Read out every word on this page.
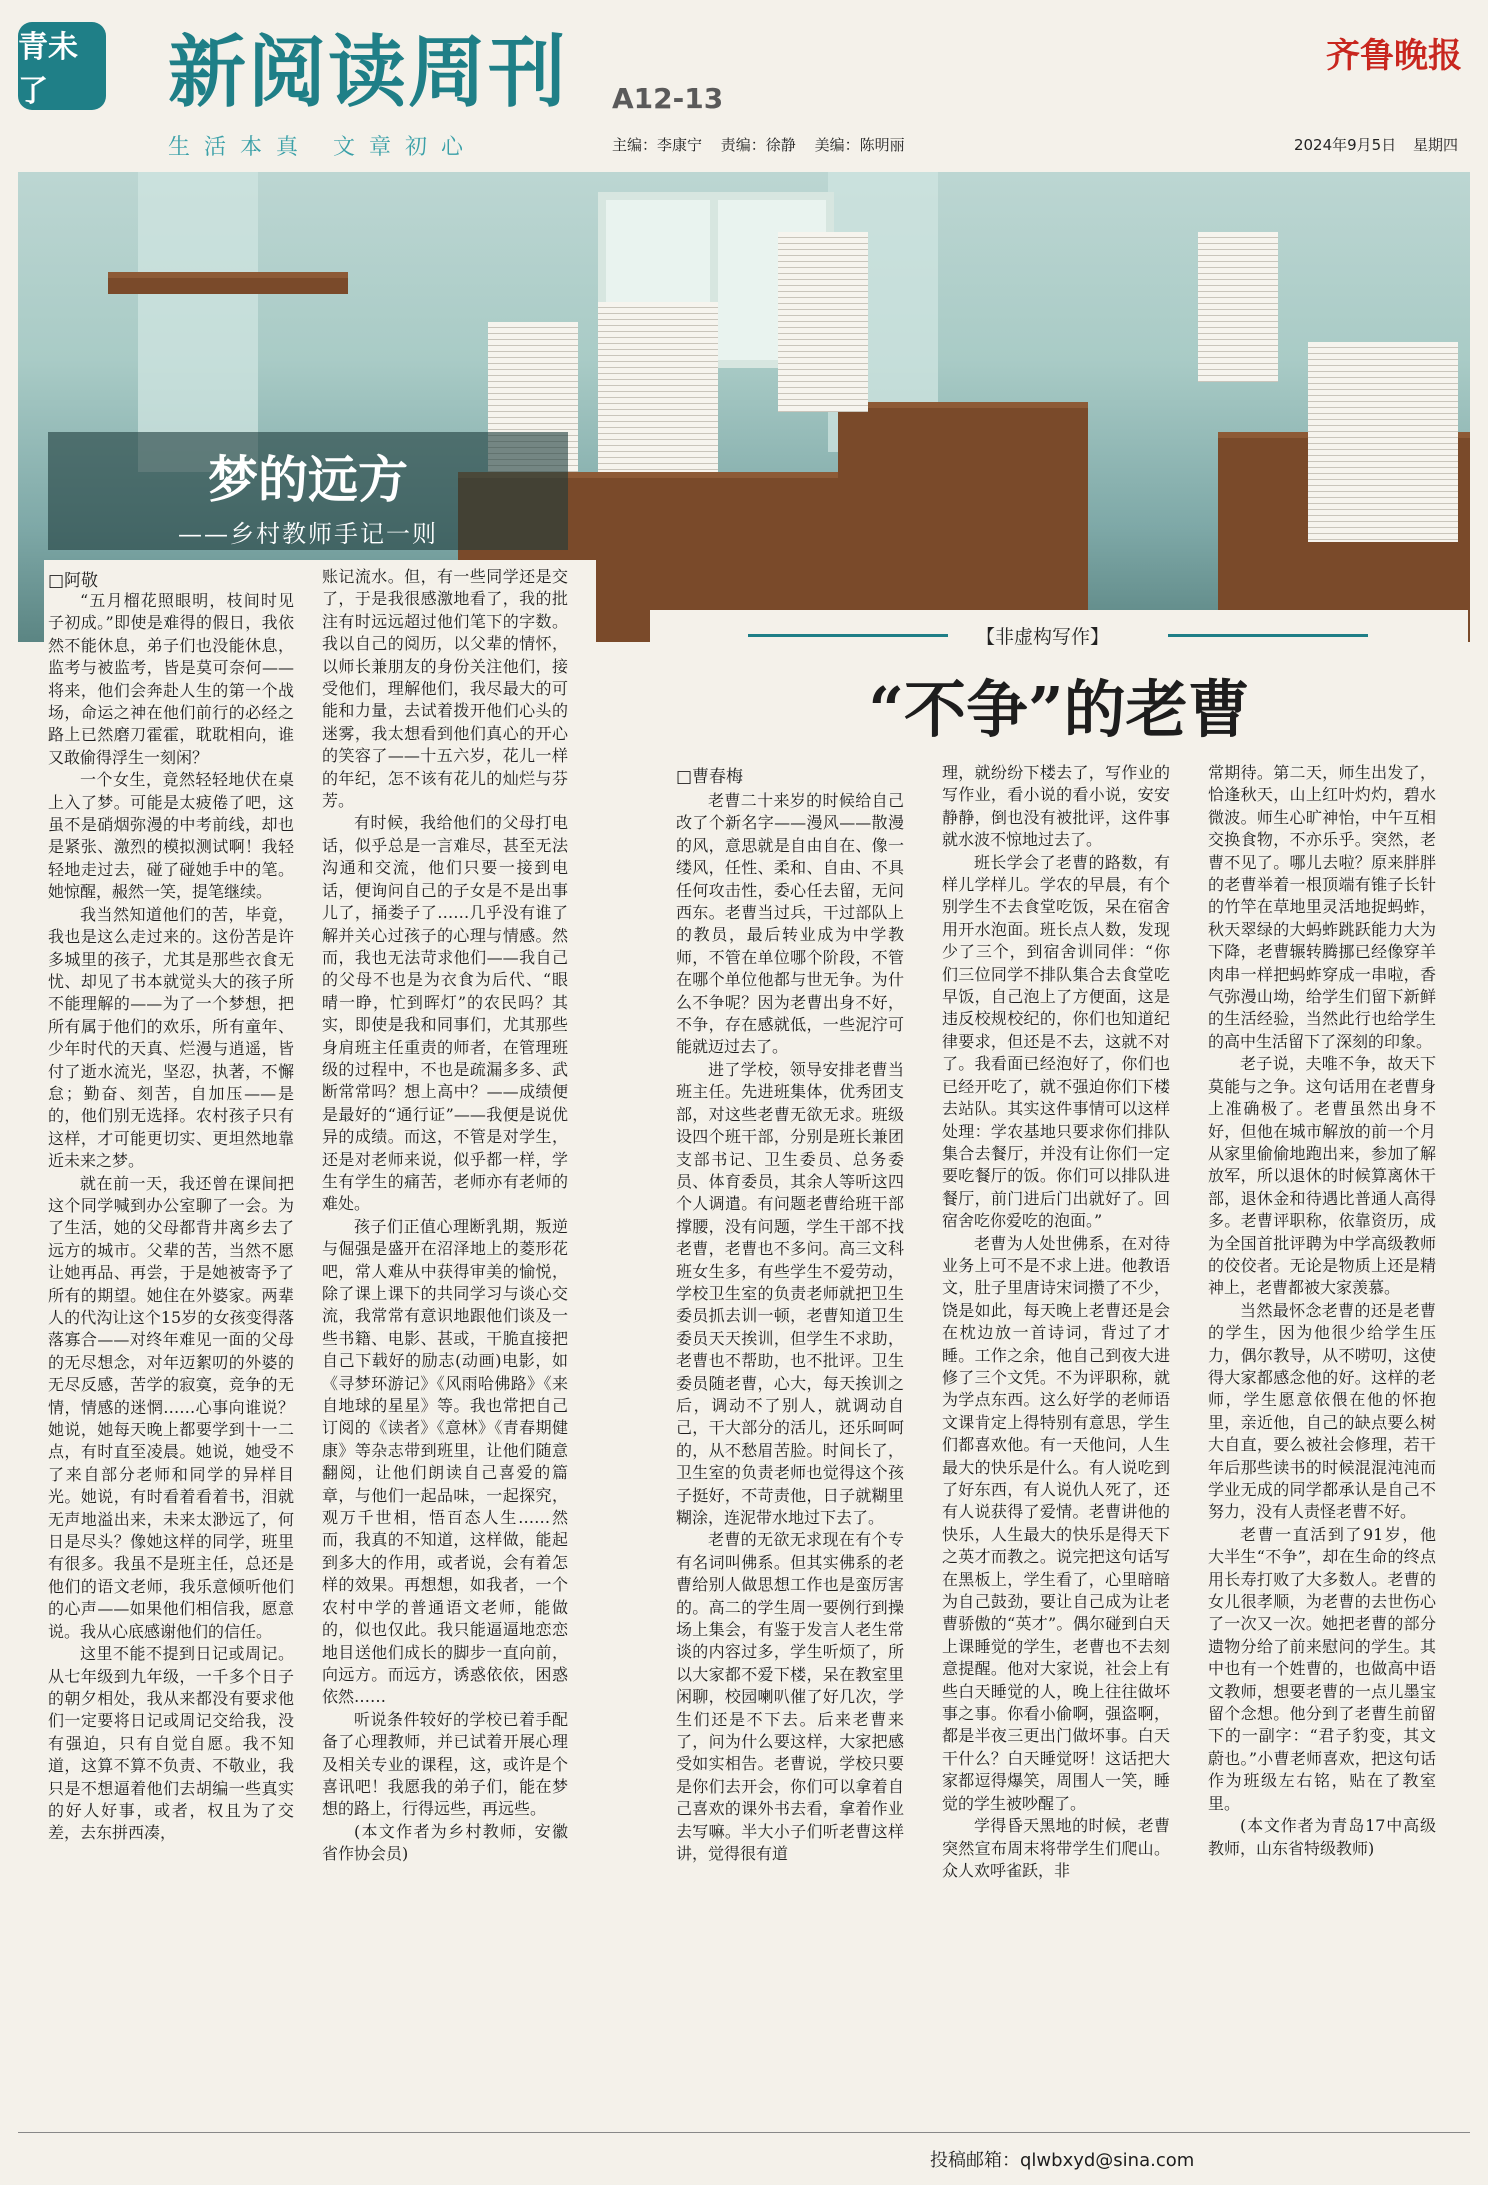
青未了	新阅读周刊 A12-13
齐鲁晚报
生活本真 文章初心	主编：李康宁 责编：徐静 美编：陈明丽	2024年9月5日 星期四
梦的远方
——乡村教师手记一则
□阿敬

“五月榴花照眼明，枝间时见子初成。”即使是难得的假日，我依然不能休息，弟子们也没能休息，监考与被监考，皆是莫可奈何——将来，他们会奔赴人生的第一个战场，命运之神在他们前行的必经之路上已然磨刀霍霍，耽耽相向，谁又敢偷得浮生一刻闲？

一个女生，竟然轻轻地伏在桌上入了梦。可能是太疲倦了吧，这虽不是硝烟弥漫的中考前线，却也是紧张、激烈的模拟测试啊！我轻轻地走过去，碰了碰她手中的笔。她惊醒，赧然一笑，提笔继续。

我当然知道他们的苦，毕竟，我也是这么走过来的。这份苦是许多城里的孩子，尤其是那些衣食无忧、却见了书本就觉头大的孩子所不能理解的——为了一个梦想，把所有属于他们的欢乐，所有童年、少年时代的天真、烂漫与逍遥，皆付了逝水流光，坚忍，执著，不懈怠；勤奋、刻苦，自加压——是的，他们别无选择。农村孩子只有这样，才可能更切实、更坦然地靠近未来之梦。

就在前一天，我还曾在课间把这个同学喊到办公室聊了一会。为了生活，她的父母都背井离乡去了远方的城市。父辈的苦，当然不愿让她再品、再尝，于是她被寄予了所有的期望。她住在外婆家。两辈人的代沟让这个15岁的女孩变得落落寡合——对终年难见一面的父母的无尽想念，对年迈絮叨的外婆的无尽反感，苦学的寂寞，竞争的无情，情感的迷惘……心事向谁说？她说，她每天晚上都要学到十一二点，有时直至凌晨。她说，她受不了来自部分老师和同学的异样目光。她说，有时看着看着书，泪就无声地溢出来，未来太渺远了，何日是尽头？像她这样的同学，班里有很多。我虽不是班主任，总还是他们的语文老师，我乐意倾听他们的心声——如果他们相信我，愿意说。我从心底感谢他们的信任。

这里不能不提到日记或周记。从七年级到九年级，一千多个日子的朝夕相处，我从来都没有要求他们一定要将日记或周记交给我，没有强迫，只有自觉自愿。我不知道，这算不算不负责、不敬业，我只是不想逼着他们去胡编一些真实的好人好事，或者，权且为了交差，去东拼西凑，

账记流水。但，有一些同学还是交了，于是我很感激地看了，我的批注有时远远超过他们笔下的字数。我以自己的阅历，以父辈的情怀，以师长兼朋友的身份关注他们，接受他们，理解他们，我尽最大的可能和力量，去试着拨开他们心头的迷雾，我太想看到他们真心的开心的笑容了——十五六岁，花儿一样的年纪，怎不该有花儿的灿烂与芬芳。

有时候，我给他们的父母打电话，似乎总是一言难尽，甚至无法沟通和交流，他们只要一接到电话，便询问自己的子女是不是出事儿了，捅娄子了……几乎没有谁了解并关心过孩子的心理与情感。然而，我也无法苛求他们——我自己的父母不也是为衣食为后代、“眼晴一睁，忙到晖灯”的农民吗？其实，即使是我和同事们，尤其那些身肩班主任重责的师者，在管理班级的过程中，不也是疏漏多多、武断常常吗？想上高中？——成绩便是最好的“通行证”——我便是说优异的成绩。而这，不管是对学生，还是对老师来说，似乎都一样，学生有学生的痛苦，老师亦有老师的难处。

孩子们正值心理断乳期，叛逆与倔强是盛开在沼泽地上的菱形花吧，常人难从中获得审美的愉悦，除了课上课下的共同学习与谈心交流，我常常有意识地跟他们谈及一些书籍、电影、甚或，干脆直接把自己下载好的励志(动画)电影，如《寻梦环游记》《风雨哈佛路》《来自地球的星星》等。我也常把自己订阅的《读者》《意林》《青春期健康》等杂志带到班里，让他们随意翻阅，让他们朗读自己喜爱的篇章，与他们一起品味，一起探究，观万千世相，悟百态人生……然而，我真的不知道，这样做，能起到多大的作用，或者说，会有着怎样的效果。再想想，如我者，一个农村中学的普通语文老师，能做的，似也仅此。我只能逼逼地恋恋地目送他们成长的脚步一直向前，向远方。而远方，诱惑依依，困惑依然……

听说条件较好的学校已着手配备了心理教师，并已试着开展心理及相关专业的课程，这，或许是个喜讯吧！我愿我的弟子们，能在梦想的路上，行得远些，再远些。

(本文作者为乡村教师，安徽省作协会员)

【非虚构写作】
“不争”的老曹
□曹春梅

老曹二十来岁的时候给自己改了个新名字——漫风——散漫的风，意思就是自由自在、像一缕风，任性、柔和、自由、不具任何攻击性，委心任去留，无问西东。老曹当过兵，干过部队上的教员，最后转业成为中学教师，不管在单位哪个阶段，不管在哪个单位他都与世无争。为什么不争呢？因为老曹出身不好，不争，存在感就低，一些泥泞可能就迈过去了。

进了学校，领导安排老曹当班主任。先进班集体，优秀团支部，对这些老曹无欲无求。班级设四个班干部，分别是班长兼团支部书记、卫生委员、总务委员、体育委员，其余人等听这四个人调遣。有问题老曹给班干部撑腰，没有问题，学生干部不找老曹，老曹也不多问。高三文科班女生多，有些学生不爱劳动，学校卫生室的负责老师就把卫生委员抓去训一顿，老曹知道卫生委员天天挨训，但学生不求助，老曹也不帮助，也不批评。卫生委员随老曹，心大，每天挨训之后，调动不了别人，就调动自己，干大部分的活儿，还乐呵呵的，从不愁眉苦脸。时间长了，卫生室的负责老师也觉得这个孩子挺好，不苛责他，日子就糊里糊涂，连泥带水地过下去了。

老曹的无欲无求现在有个专有名词叫佛系。但其实佛系的老曹给别人做思想工作也是蛮厉害的。高二的学生周一要例行到操场上集会，有鉴于发言人老生常谈的内容过多，学生听烦了，所以大家都不爱下楼，呆在教室里闲聊，校园喇叭催了好几次，学生们还是不下去。后来老曹来了，问为什么要这样，大家把感受如实相告。老曹说，学校只要是你们去开会，你们可以拿着自己喜欢的课外书去看，拿着作业去写嘛。半大小子们听老曹这样讲，觉得很有道

理，就纷纷下楼去了，写作业的写作业，看小说的看小说，安安静静，倒也没有被批评，这件事就水波不惊地过去了。

班长学会了老曹的路数，有样儿学样儿。学农的早晨，有个别学生不去食堂吃饭，呆在宿舍用开水泡面。班长点人数，发现少了三个，到宿舍训同伴：“你们三位同学不排队集合去食堂吃早饭，自己泡上了方便面，这是违反校规校纪的，你们也知道纪律要求，但还是不去，这就不对了。我看面已经泡好了，你们也已经开吃了，就不强迫你们下楼去站队。其实这件事情可以这样处理：学农基地只要求你们排队集合去餐厅，并没有让你们一定要吃餐厅的饭。你们可以排队进餐厅，前门进后门出就好了。回宿舍吃你爱吃的泡面。”

老曹为人处世佛系，在对待业务上可不是不求上进。他教语文，肚子里唐诗宋词攒了不少，饶是如此，每天晚上老曹还是会在枕边放一首诗词，背过了才睡。工作之余，他自己到夜大进修了三个文凭。不为评职称，就为学点东西。这么好学的老师语文课肯定上得特别有意思，学生们都喜欢他。有一天他问，人生最大的快乐是什么。有人说吃到了好东西，有人说仇人死了，还有人说获得了爱情。老曹讲他的快乐，人生最大的快乐是得天下之英才而教之。说完把这句话写在黑板上，学生看了，心里暗暗为自己鼓劲，要让自己成为让老曹骄傲的“英才”。偶尔碰到白天上课睡觉的学生，老曹也不去刻意提醒。他对大家说，社会上有些白天睡觉的人，晚上往往做坏事之事。你看小偷啊，强盗啊，都是半夜三更出门做坏事。白天干什么？白天睡觉呀！这话把大家都逗得爆笑，周围人一笑，睡觉的学生被吵醒了。

学得昏天黑地的时候，老曹突然宣布周末将带学生们爬山。众人欢呼雀跃，非

常期待。第二天，师生出发了，恰逢秋天，山上红叶灼灼，碧水微波。师生心旷神怡，中午互相交换食物，不亦乐乎。突然，老曹不见了。哪儿去啦？原来胖胖的老曹举着一根顶端有锥子长针的竹竿在草地里灵活地捉蚂蚱，秋天翠绿的大蚂蚱跳跃能力大为下降，老曹辗转腾挪已经像穿羊肉串一样把蚂蚱穿成一串啦，香气弥漫山坳，给学生们留下新鲜的生活经验，当然此行也给学生的高中生活留下了深刻的印象。

老子说，夫唯不争，故天下莫能与之争。这句话用在老曹身上准确极了。老曹虽然出身不好，但他在城市解放的前一个月从家里偷偷地跑出来，参加了解放军，所以退休的时候算离休干部，退休金和待遇比普通人高得多。老曹评职称，依靠资历，成为全国首批评聘为中学高级教师的佼佼者。无论是物质上还是精神上，老曹都被大家羡慕。

当然最怀念老曹的还是老曹的学生，因为他很少给学生压力，偶尔教导，从不唠叨，这使得大家都感念他的好。这样的老师，学生愿意依偎在他的怀抱里，亲近他，自己的缺点要么树大自直，要么被社会修理，若干年后那些读书的时候混混沌沌而学业无成的同学都承认是自己不努力，没有人责怪老曹不好。

老曹一直活到了91岁，他大半生“不争”，却在生命的终点用长寿打败了大多数人。老曹的女儿很孝顺，为老曹的去世伤心了一次又一次。她把老曹的部分遗物分给了前来慰问的学生。其中也有一个姓曹的，也做高中语文教师，想要老曹的一点儿墨宝留个念想。他分到了老曹生前留下的一副字：“君子豹变，其文蔚也。”小曹老师喜欢，把这句话作为班级左右铭，贴在了教室里。

(本文作者为青岛17中高级教师，山东省特级教师)

投稿邮箱：qlwbxyd@sina.com
